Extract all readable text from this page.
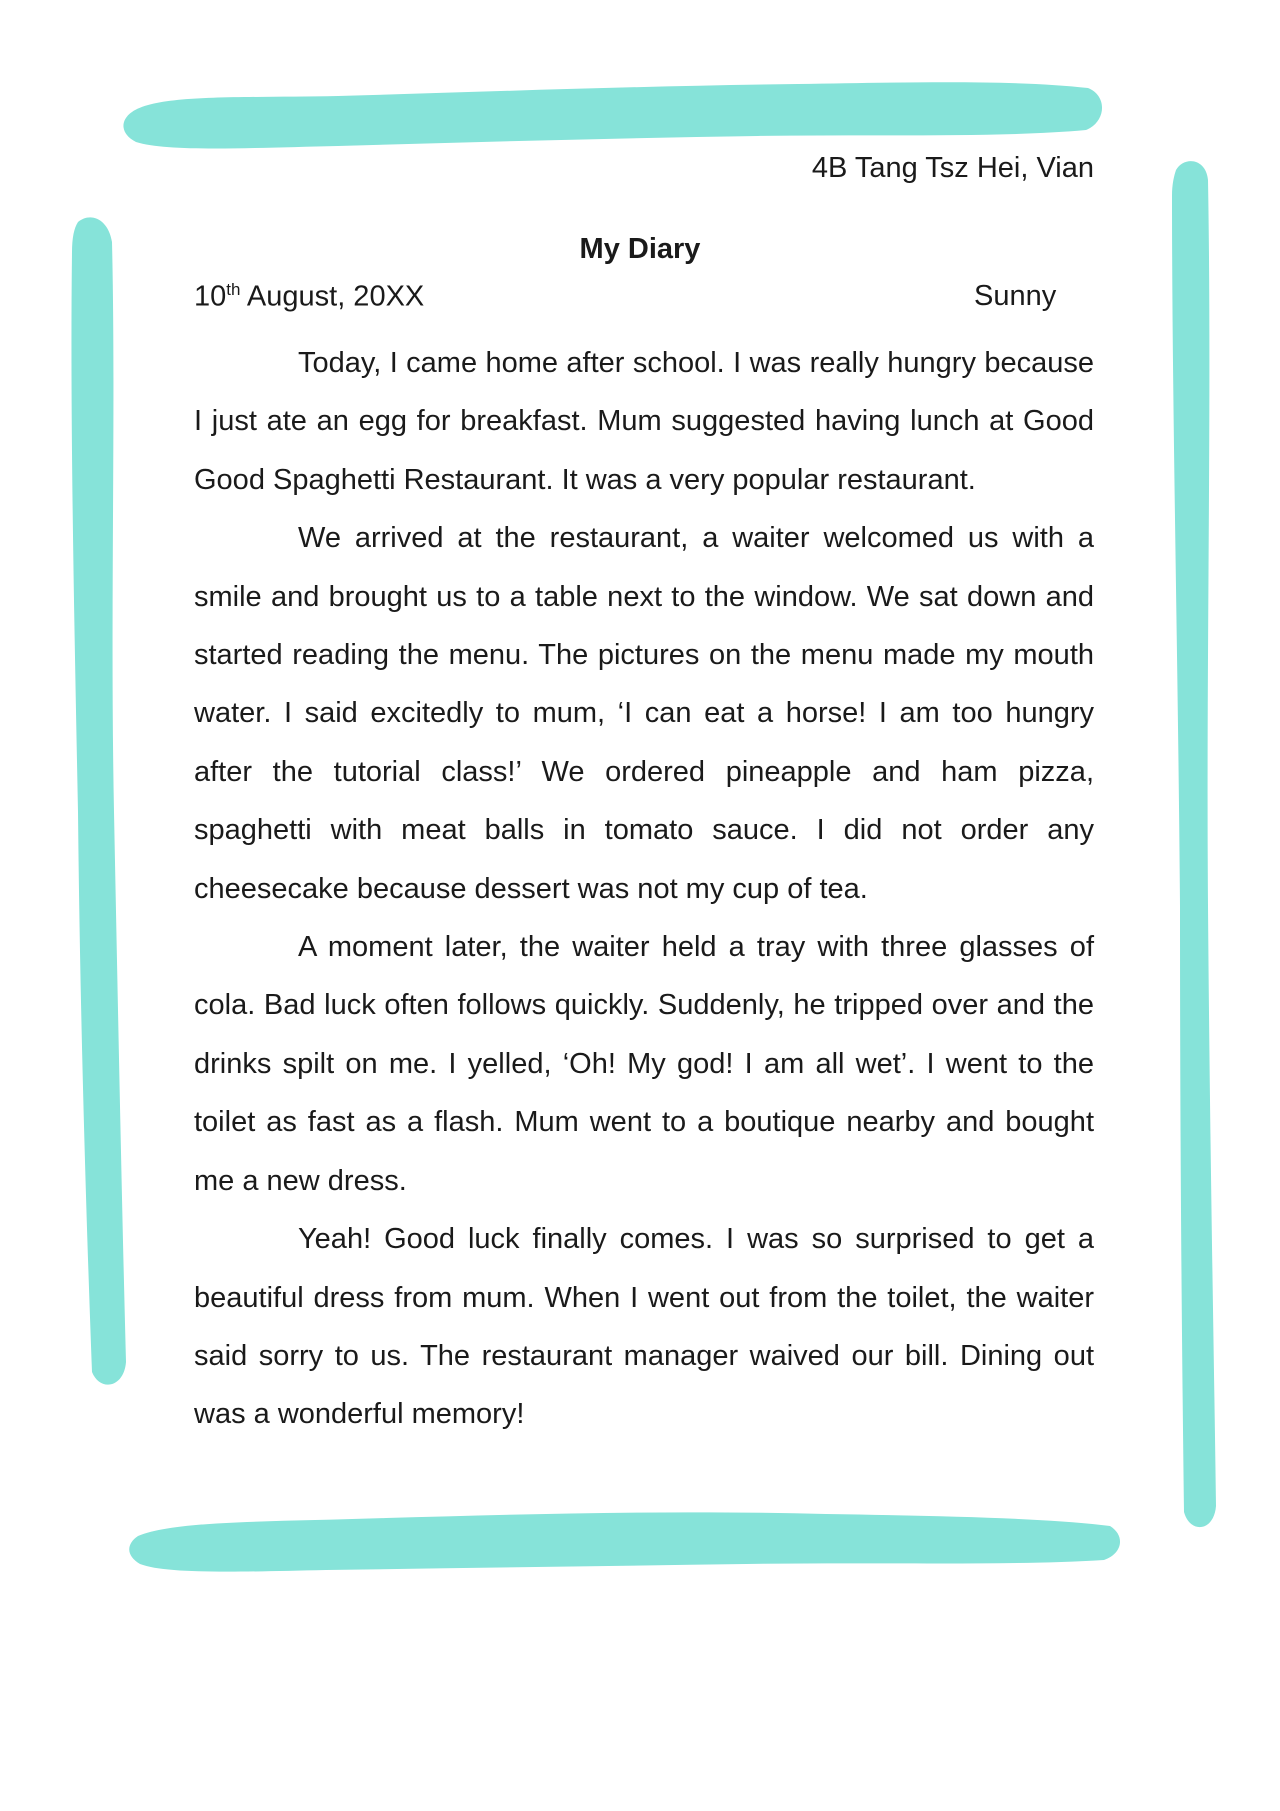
4B Tang Tsz Hei, Vian

My Diary

10th August, 20XX	Sunny

Today, I came home after school. I was really hungry because I just ate an egg for breakfast. Mum suggested having lunch at Good Good Spaghetti Restaurant. It was a very popular restaurant.

We arrived at the restaurant, a waiter welcomed us with a smile and brought us to a table next to the window. We sat down and started reading the menu. The pictures on the menu made my mouth water. I said excitedly to mum, ‘I can eat a horse! I am too hungry after the tutorial class!’ We ordered pineapple and ham pizza, spaghetti with meat balls in tomato sauce. I did not order any cheesecake because dessert was not my cup of tea.

A moment later, the waiter held a tray with three glasses of cola. Bad luck often follows quickly. Suddenly, he tripped over and the drinks spilt on me. I yelled, ‘Oh! My god! I am all wet’. I went to the toilet as fast as a flash. Mum went to a boutique nearby and bought me a new dress.

Yeah! Good luck finally comes. I was so surprised to get a beautiful dress from mum. When I went out from the toilet, the waiter said sorry to us. The restaurant manager waived our bill. Dining out was a wonderful memory!
